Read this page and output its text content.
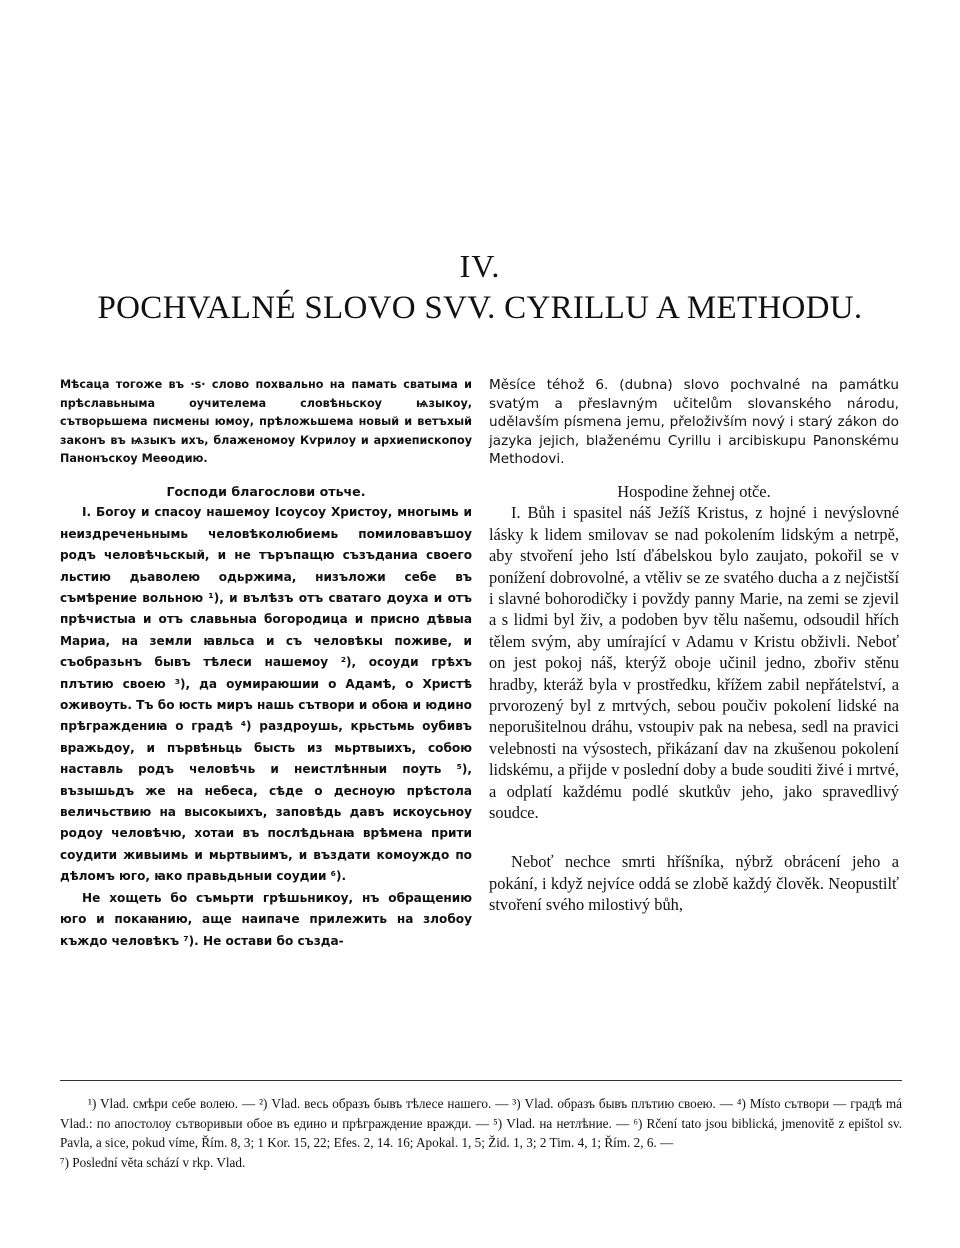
IV.
POCHVALNÉ SLOVO SVV. CYRILLU A METHODU.

Мѣсаца тогоже въ ·s· слово похвально на памать сватыма и прѣславьныма оучителема словѣньскоу ѩзыкоу, сътворьшема писмены юмоу, прѣложьшема новый и ветъхый законъ въ ѩзыкъ ихъ, блаженомоу Кѵрилоу и архиепископоу Панонъскоу Меѳодию.

Господи благослови отьче.

I. Богоу и спасоу нашемоу Ісоусоу Христоу, многымь и неиздреченьнымь человѣколюбиемь помиловавъшоу родъ человѣчьскый, и не търъпащю съзъданиа своего льстию дьаволею одьржима, низъложи себе въ съмѣрение вольною ¹), и вълѣзъ отъ сватаго доуха и отъ прѣчистыа и отъ славьныа богородица и присно дѣвыа Мариа, на земли ꙗвльса и съ человѣкы поживе, и съобразьнъ бывъ тѣлеси нашемоу ²), осоуди грѣхъ плътию своею ³), да оумираюшии о Адамѣ, о Христѣ оживоуть. Тъ бо юсть миръ нашь сътвори и обоꙗ и юдино прѣграждениꙗ о градѣ ⁴) раздроушь, крьстьмь оубивъ вражьдоу, и първѣньць бысть из мьртвыихъ, собою наставль родъ человѣчь и неистлѣнныи поуть ⁵), възышьдъ же на небеса, сѣде о десноую прѣстола величьствию на высокыихъ, заповѣдь давъ искоусьноу родоу человѣчю, хотаи въ послѣдьнаꙗ врѣмена прити соудити живыимь и мьртвыимъ, и въздати комоуждо по дѣломъ юго, ꙗко правьдьныи соудии ⁶).

Не хощеть бо съмьрти грѣшьникоу, нъ обращению юго и покаꙗнию, аще наипаче прилежить на злобоу къждо человѣкъ ⁷). Не остави бо създа-

Měsíce téhož 6. (dubna) slovo pochvalné na památku svatým a přeslavným učitelům slovanského národu, udělavším písmena jemu, přeloživším nový i starý zákon do jazyka jejich, blaženému Cyrillu i arcibiskupu Panonskému Methodovi.

Hospodine žehnej otče.

I. Bůh i spasitel náš Ježíš Kristus, z hojné i nevýslovné lásky k lidem smilovav se nad pokolením lidským a netrpě, aby stvoření jeho lstí ďábelskou bylo zaujato, pokořil se v ponížení dobrovolné, a vtěliv se ze svatého ducha a z nejčistší i slavné bohorodičky i povždy panny Marie, na zemi se zjevil a s lidmi byl živ, a podoben byv tělu našemu, odsoudil hřích tělem svým, aby umírající v Adamu v Kristu obživli. Neboť on jest pokoj náš, kterýž oboje učinil jedno, zbořiv stěnu hradby, kteráž byla v prostředku, křížem zabil nepřátelství, a prvorozený byl z mrtvých, sebou poučiv pokolení lidské na neporušitelnou dráhu, vstoupiv pak na nebesa, sedl na pravici velebnosti na výsostech, přikázaní dav na zkušenou pokolení lidskému, a přijde v poslední doby a bude souditi živé i mrtvé, a odplatí každému podlé skutkův jeho, jako spravedlivý soudce.

Neboť nechce smrti hříšníka, nýbrž obrácení jeho a pokání, i když nejvíce oddá se zlobě každý člověk. Neopustilť stvoření svého milostivý bůh,

¹) Vlad. смѣри себе волею. — ²) Vlad. весь образъ бывъ тѣлесе нашего. — ³) Vlad. образъ бывъ плътию своею. — ⁴) Místo сътвори — градѣ má Vlad.: по апостолоу сътворивыи обое въ едино и прѣграждение вражди. — ⁵) Vlad. на нетлѣние. — ⁶) Rčení tato jsou biblická, jmenovitě z epištol sv. Pavla, a sice, pokud víme, Řím. 8, 3; 1 Kor. 15, 22; Efes. 2, 14. 16; Apokal. 1, 5; Žid. 1, 3; 2 Tim. 4, 1; Řím. 2, 6. —

⁷) Poslední věta schází v rkp. Vlad.
